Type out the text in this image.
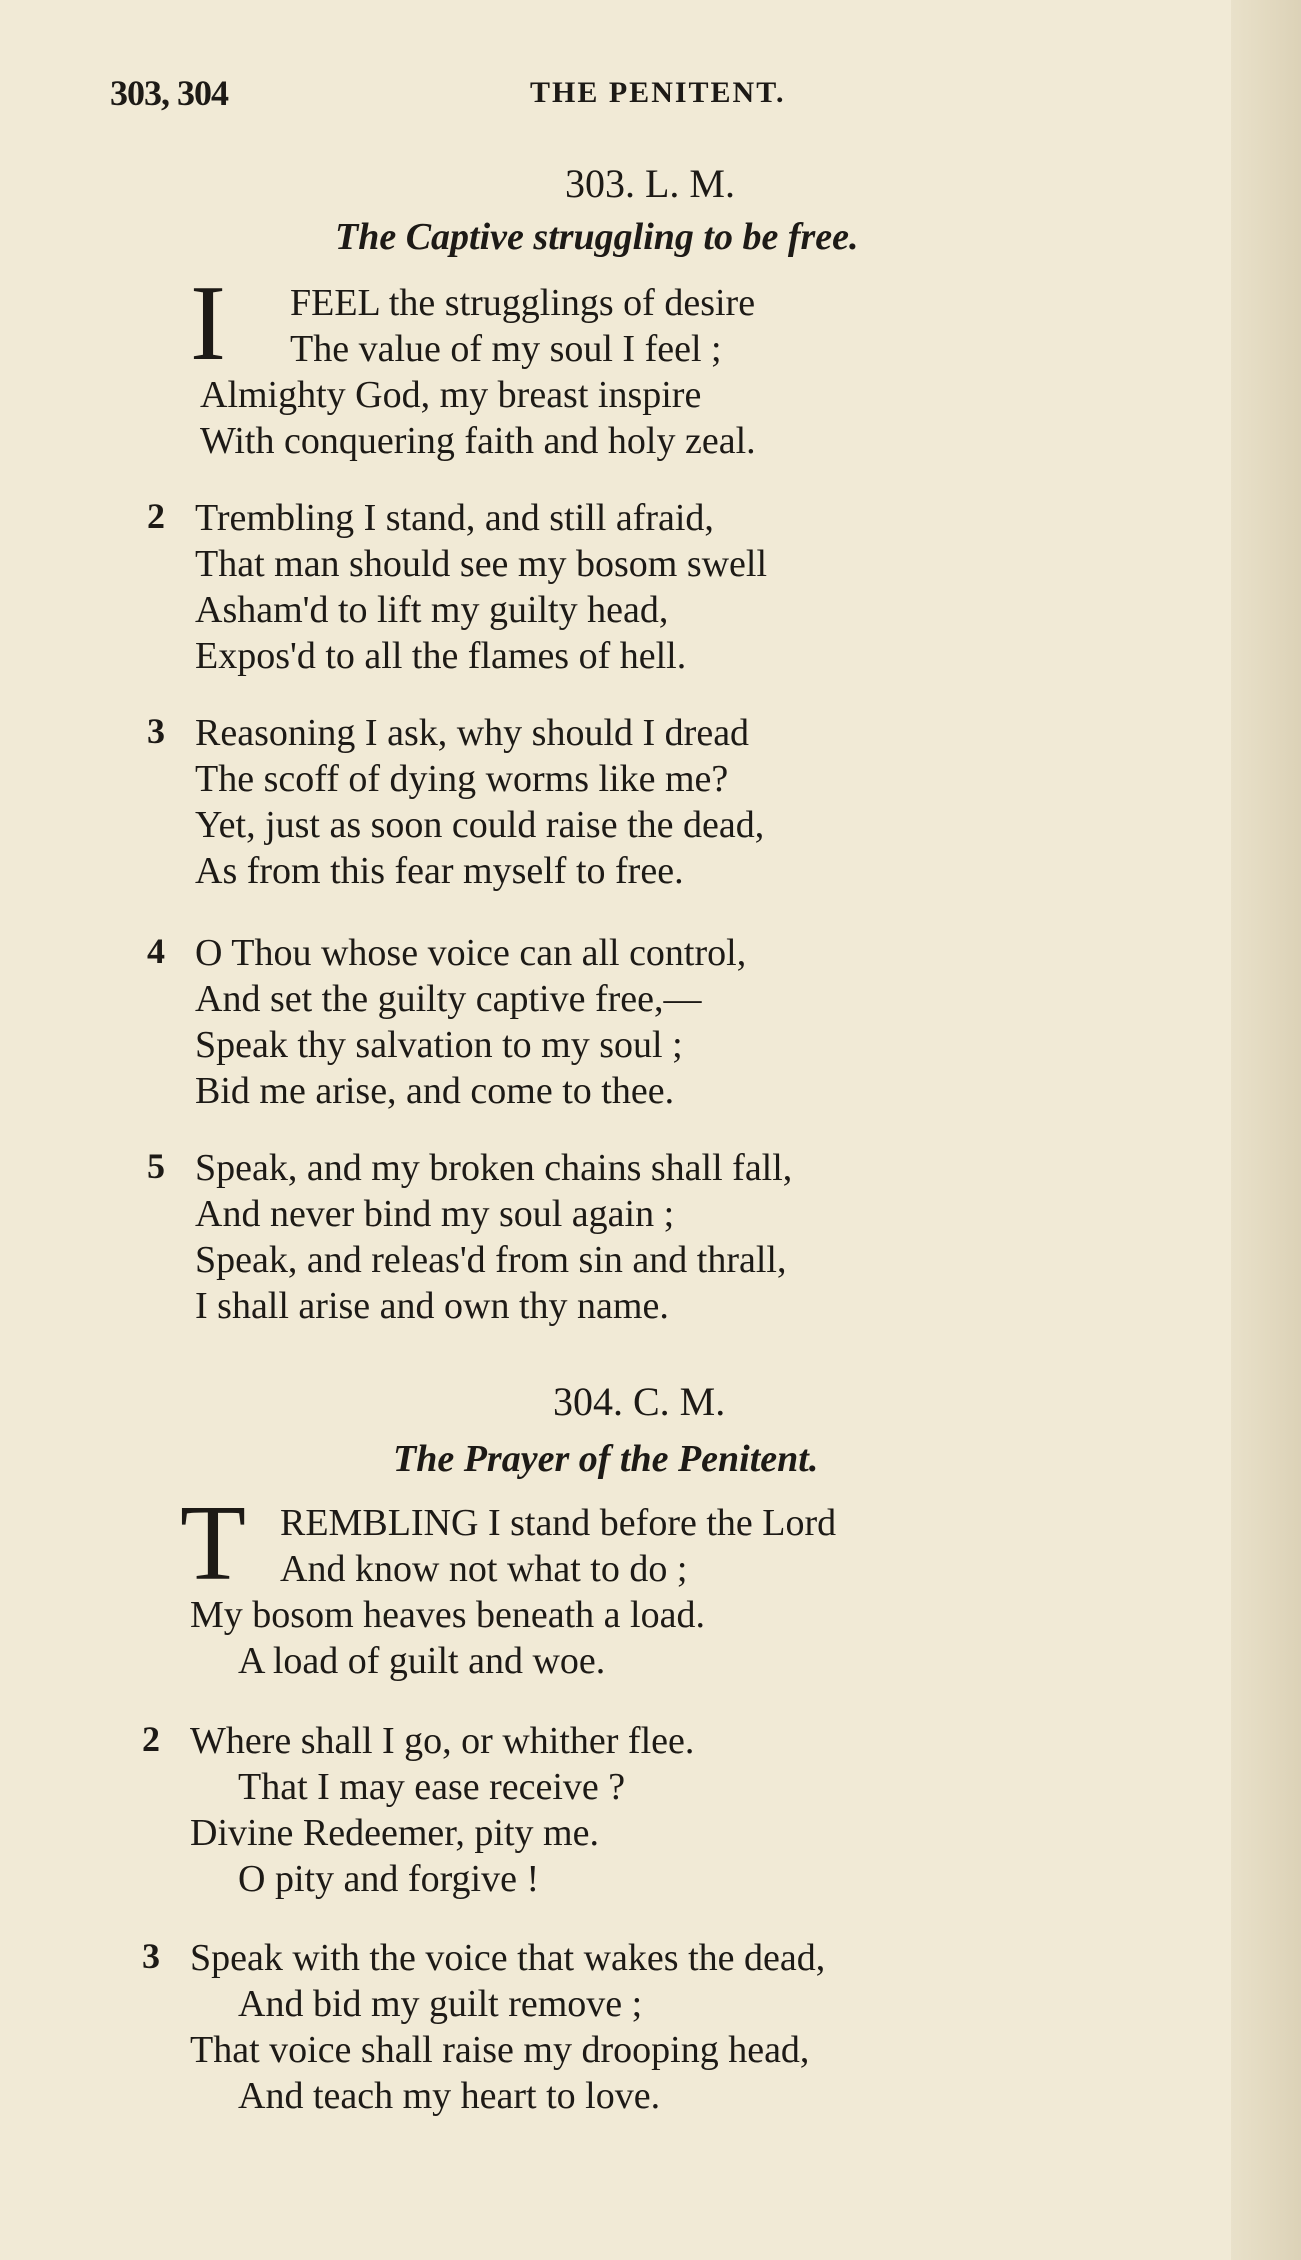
303, 304	THE PENITENT.
303. L. M.
The Captive struggling to be free.
I	FEEL the strugglings of desire
The value of my soul I feel ;
Almighty God, my breast inspire
With conquering faith and holy zeal.
2 Trembling I stand, and still afraid,
That man should see my bosom swell
Asham'd to lift my guilty head,
Expos'd to all the flames of hell.
3 Reasoning I ask, why should I dread
The scoff of dying worms like me?
Yet, just as soon could raise the dead,
As from this fear myself to free.
4 O Thou whose voice can all control,
And set the guilty captive free,—
Speak thy salvation to my soul ;
Bid me arise, and come to thee.
5 Speak, and my broken chains shall fall,
And never bind my soul again ;
Speak, and releas'd from sin and thrall,
I shall arise and own thy name.
304. C. M.
The Prayer of the Penitent.
T REMBLING I stand before the Lord
And know not what to do ;
My bosom heaves beneath a load.
A load of guilt and woe.
2 Where shall I go, or whither flee.
That I may ease receive ?
Divine Redeemer, pity me.
O pity and forgive !
3 Speak with the voice that wakes the dead,
And bid my guilt remove ;
That voice shall raise my drooping head,
And teach my heart to love.
